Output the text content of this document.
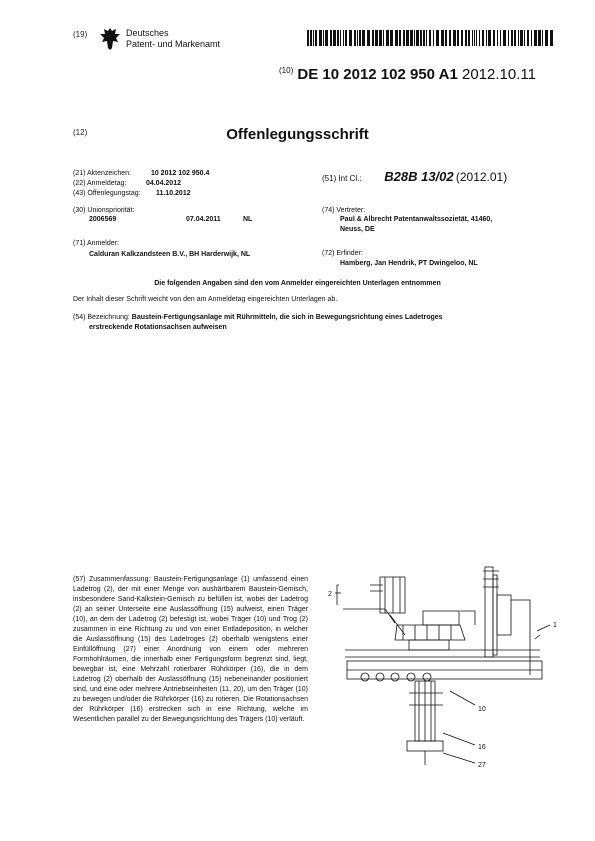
(19)	Deutsches
Patent- und Markenamt
$^{(10)}$ DE 10 2012 102 950 A1 2012.10.11
(12)	Offenlegungsschrift
(21) Aktenzeichen:	10 2012 102 950.4
(22) Anmeldetag:	04.04.2012
(43) Offenlegungstag: 11.10.2012
(51) Int Cl.: B28B 13/02 (2012.01)
(30) Unionspriorität:
2006569	07.04.2011	NL
(74) Vertreter:
Paul & Albrecht Patentanwaltssozietät, 41460,
Neuss, DE
(71) Anmelder:
Calduran Kalkzandsteen B.V., BH Harderwijk, NL	(72) Erfinder:
Hamberg, Jan Hendrik, PT Dwingeloo, NL
Die folgenden Angaben sind den vom Anmelder eingereichten Unterlagen entnommen
Der Inhalt dieser Schrift weicht von den am Anmeldetag eingereichten Unterlagen ab.
(54) Bezeichnung: Baustein-Fertigungsanlage mit Rührmitteln, die sich in Bewegungsrichtung eines Ladetroges
erstreckende Rotationsachsen aufweisen
(57) Zusammenfassung: Baustein-Fertigungsanlage (1) umfassend einen Ladetrog (2), der mit einer Menge von aushärtbarem Baustein-Gemisch, insbesondere Sand-Kalkstein-Gemisch zu befüllen ist, wobei der Ladetrog (2) an seiner Unterseite eine Auslassöffnung (15) aufweist, einen Träger (10), an dem der Ladetrog (2) befestigt ist, wobei Träger (10) und Trog (2) zusammen in eine Richtung zu und von einer Entladeposition, in welcher die Auslassöffnung (15) des Ladetroges (2) oberhalb wenigstens einer Einfüllöffnung (27) einer Anordnung von einem oder mehreren Formhohlräumen, die innerhalb einer Fertigungsform begrenzt sind, liegt, bewegbar ist, eine Mehrzahl rotierbarer Rührkörper (16), die in dem Ladetrog (2) oberhalb der Auslassöffnung (15) nebeneinander positioniert sind, und eine oder mehrere Antriebseinheiten (11, 20), um den Träger (10) zu bewegen und/oder die Rührkörper (16) zu rotieren. Die Rotationsachsen der Rührkörper (16) erstrecken sich in eine Richtung, welche im Wesentlichen parallel zu der Bewegungsrichtung des Trägers (10) verläuft.
1
2
10
16
27
